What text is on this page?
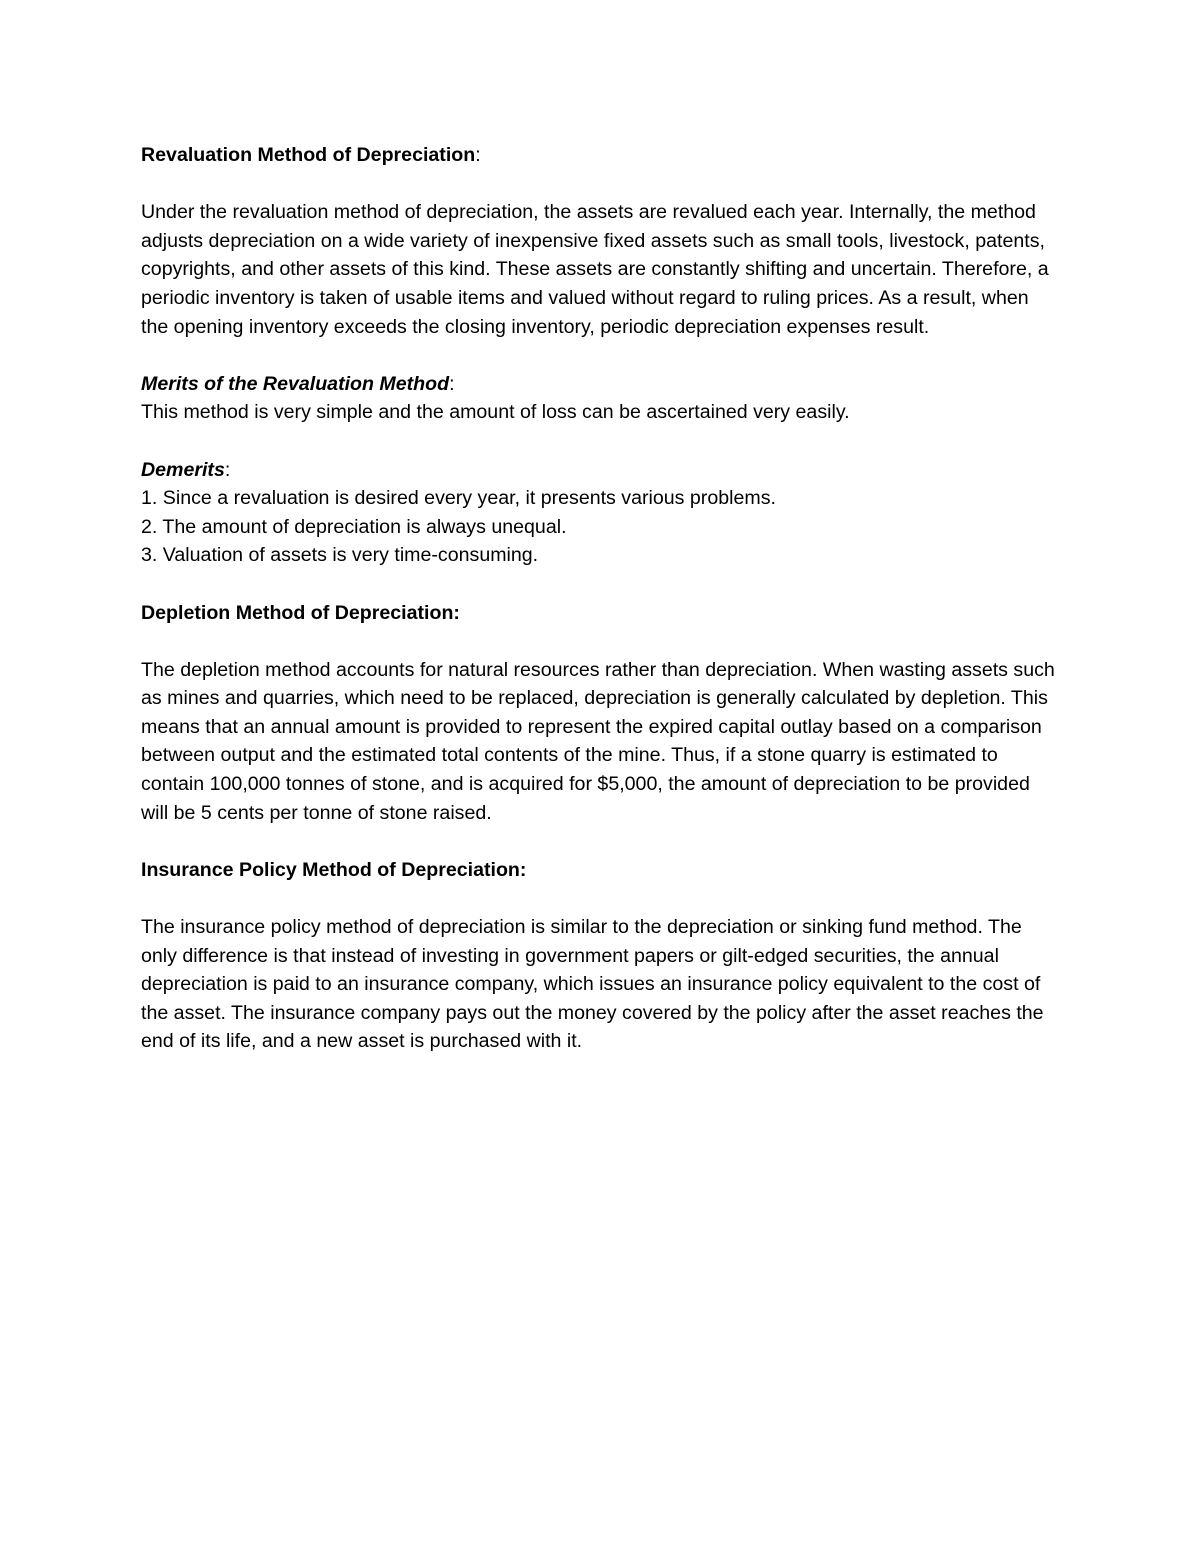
Revaluation Method of Depreciation:

Under the revaluation method of depreciation, the assets are revalued each year. Internally, the method adjusts depreciation on a wide variety of inexpensive fixed assets such as small tools, livestock, patents, copyrights, and other assets of this kind. These assets are constantly shifting and uncertain. Therefore, a periodic inventory is taken of usable items and valued without regard to ruling prices. As a result, when the opening inventory exceeds the closing inventory, periodic depreciation expenses result.

Merits of the Revaluation Method:

This method is very simple and the amount of loss can be ascertained very easily.

Demerits:

1. Since a revaluation is desired every year, it presents various problems.

2. The amount of depreciation is always unequal.

3. Valuation of assets is very time-consuming.

Depletion Method of Depreciation:

The depletion method accounts for natural resources rather than depreciation. When wasting assets such as mines and quarries, which need to be replaced, depreciation is generally calculated by depletion. This means that an annual amount is provided to represent the expired capital outlay based on a comparison between output and the estimated total contents of the mine. Thus, if a stone quarry is estimated to contain 100,000 tonnes of stone, and is acquired for $5,000, the amount of depreciation to be provided will be 5 cents per tonne of stone raised.

Insurance Policy Method of Depreciation:

The insurance policy method of depreciation is similar to the depreciation or sinking fund method. The only difference is that instead of investing in government papers or gilt-edged securities, the annual depreciation is paid to an insurance company, which issues an insurance policy equivalent to the cost of the asset. The insurance company pays out the money covered by the policy after the asset reaches the end of its life, and a new asset is purchased with it.
